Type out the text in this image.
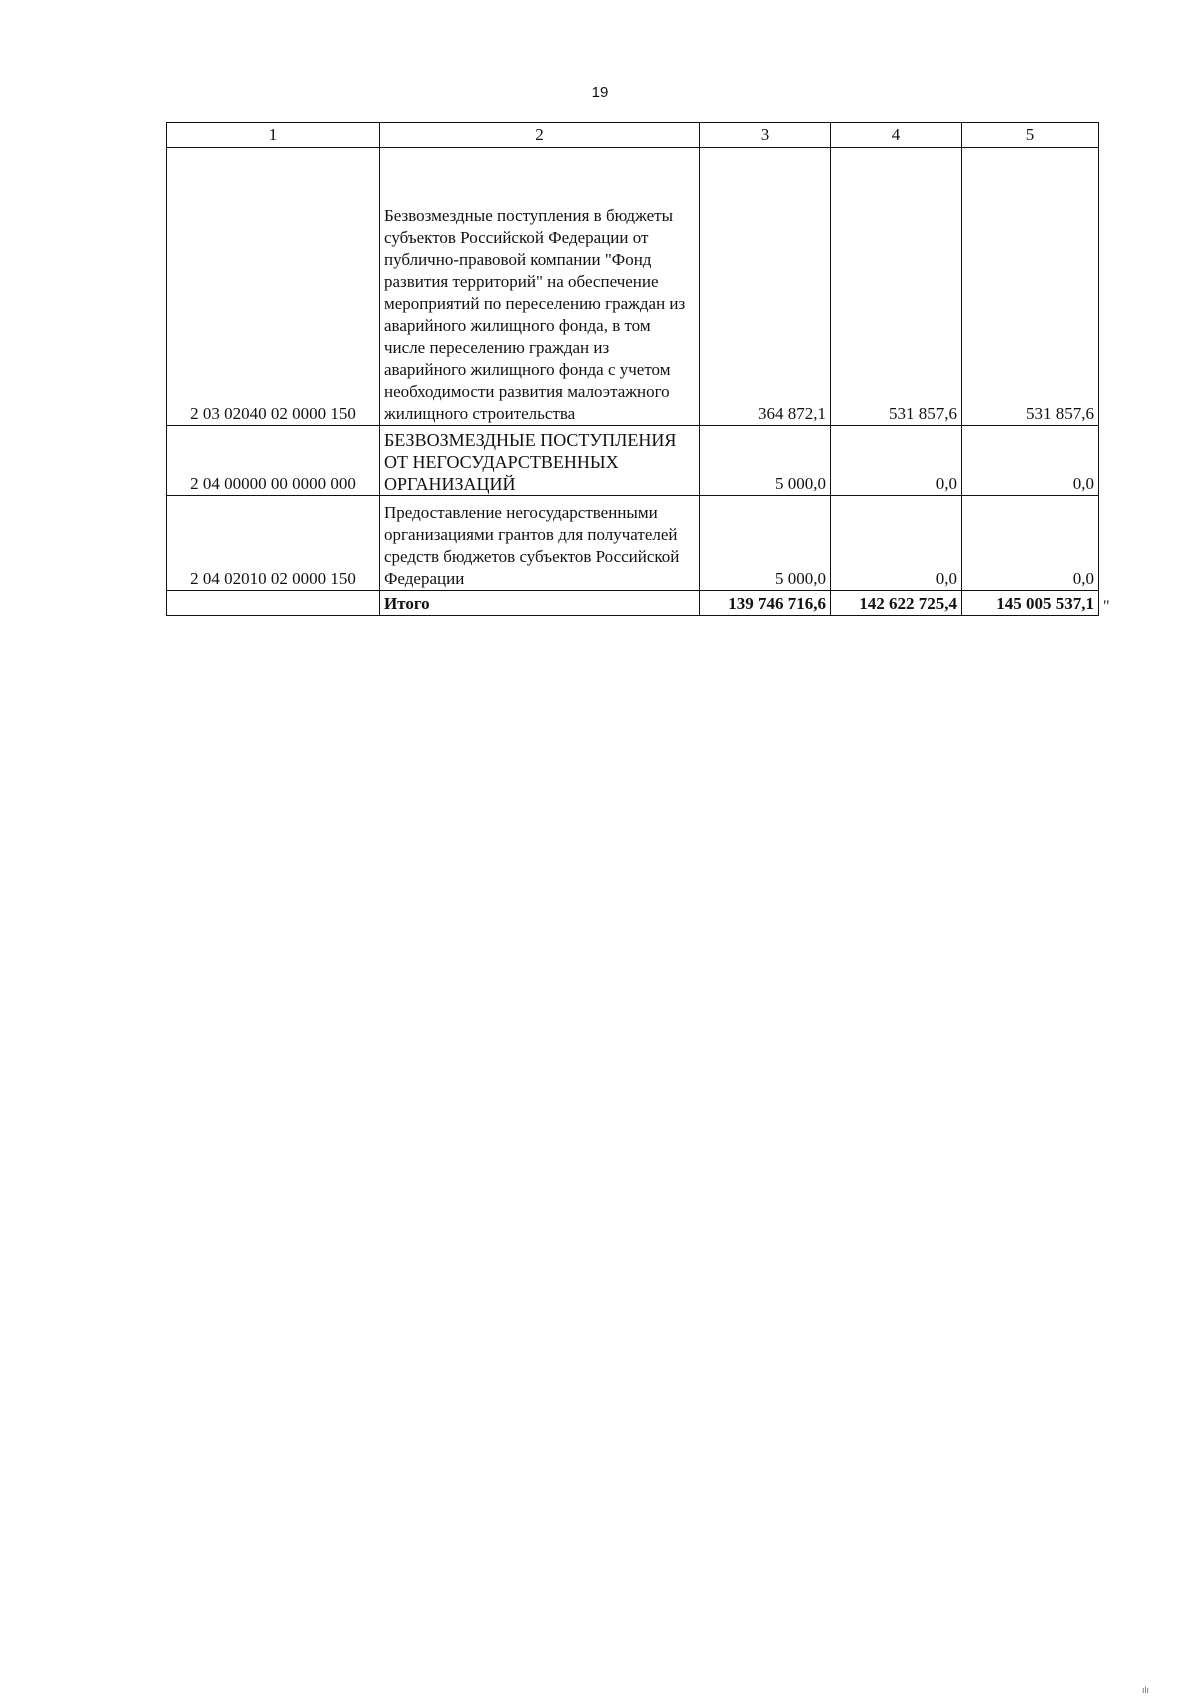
19
1	2	3	4	5
2 03 02040 02 0000 150	Безвозмездные поступления в бюджеты субъектов Российской Федерации от публично-правовой компании "Фонд развития территорий" на обеспечение мероприятий по переселению граждан из аварийного жилищного фонда, в том числе переселению граждан из аварийного жилищного фонда с учетом необходимости развития малоэтажного жилищного строительства	364 872,1	531 857,6	531 857,6
2 04 00000 00 0000 000	БЕЗВОЗМЕЗДНЫЕ ПОСТУПЛЕНИЯ ОТ НЕГОСУДАРСТВЕННЫХ ОРГАНИЗАЦИЙ	5 000,0	0,0	0,0
2 04 02010 02 0000 150	Предоставление негосударственными организациями грантов для получателей средств бюджетов субъектов Российской Федерации	5 000,0	0,0	0,0
	Итого	139 746 716,6	142 622 725,4	145 005 537,1 "
ılı
